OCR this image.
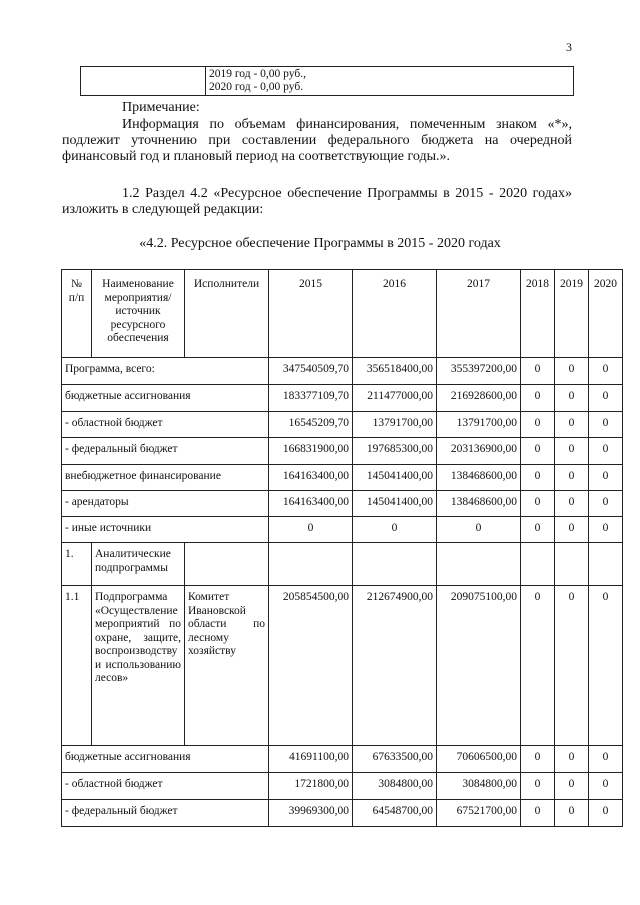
3

2019 год - 0,00 руб.,
2020 год - 0,00 руб.
Примечание:
Информация по объемам финансирования, помеченным знаком «*», подлежит уточнению при составлении федерального бюджета на очередной финансовый год и плановый период на соответствующие годы.».
1.2 Раздел 4.2 «Ресурсное обеспечение Программы в 2015 - 2020 годах» изложить в следующей редакции:
«4.2. Ресурсное обеспечение Программы в 2015 - 2020 годах
№ п/п	Наименование мероприятия/ источник ресурсного обеспечения	Исполнители	2015	2016	2017	2018	2019	2020
Программа, всего:			347540509,70	356518400,00	355397200,00	0	0	0
бюджетные ассигнования			183377109,70	211477000,00	216928600,00	0	0	0
- областной бюджет			16545209,70	13791700,00	13791700,00	0	0	0
- федеральный бюджет			166831900,00	197685300,00	203136900,00	0	0	0
внебюджетное финансирование			164163400,00	145041400,00	138468600,00	0	0	0
- арендаторы			164163400,00	145041400,00	138468600,00	0	0	0
- иные источники			0	0	0	0	0	0
1.	Аналитические подпрограммы							
1.1	Подпрограмма «Осуществление мероприятий по охране, защите, воспроизводству и использованию лесов»	Комитет Ивановской области по лесному хозяйству	205854500,00	212674900,00	209075100,00	0	0	0
бюджетные ассигнования			41691100,00	67633500,00	70606500,00	0	0	0
- областной бюджет			1721800,00	3084800,00	3084800,00	0	0	0
- федеральный бюджет			39969300,00	64548700,00	67521700,00	0	0	0
